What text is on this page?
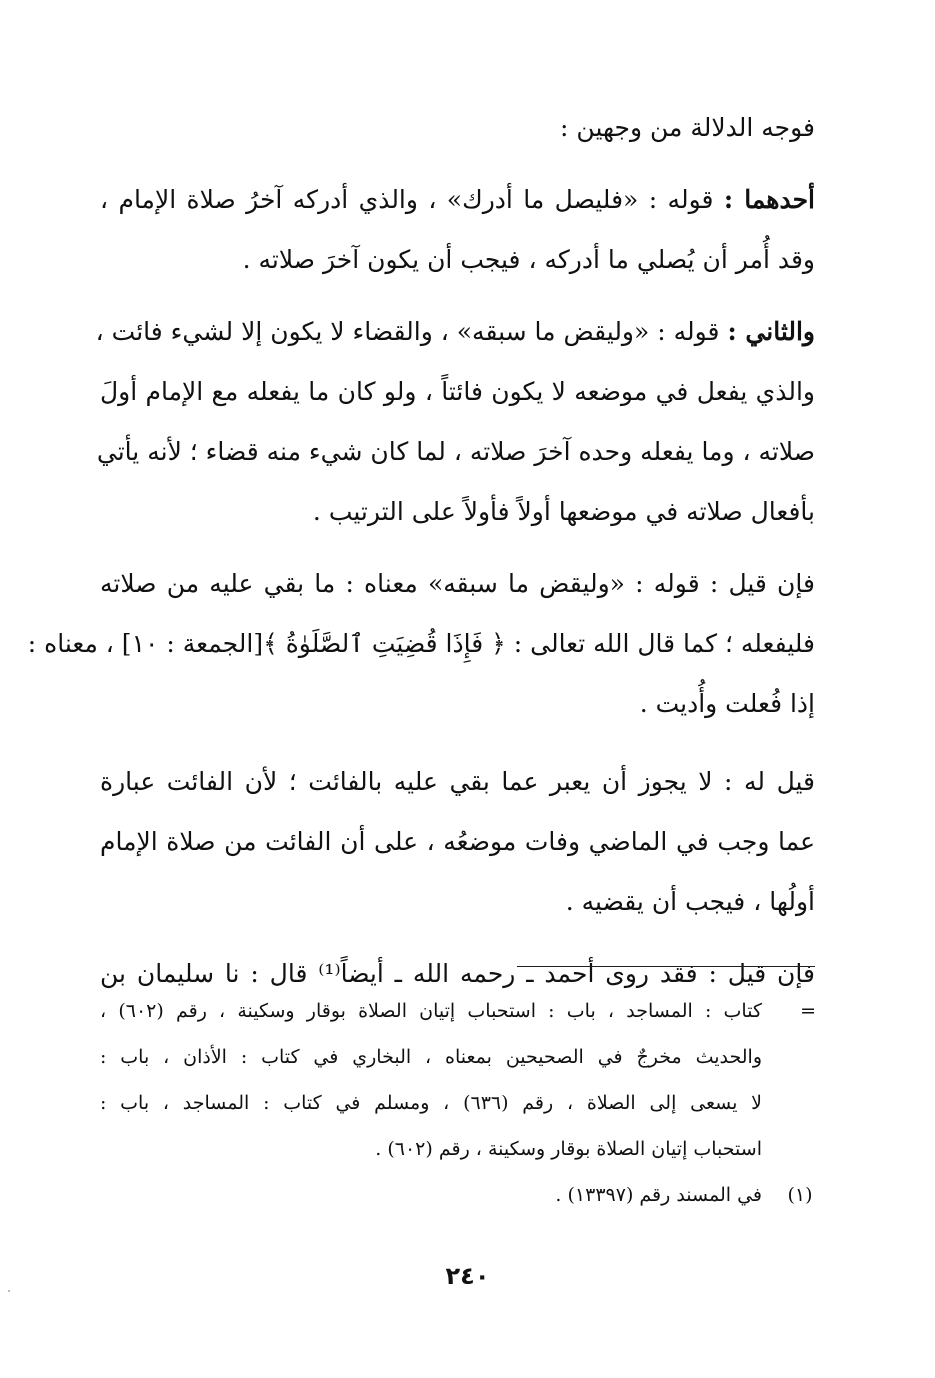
فوجه الدلالة من وجهين :
أحدهما : قوله : «فليصل ما أدرك» ، والذي أدركه آخرُ صلاة الإمام ،
وقد أُمر أن يُصلي ما أدركه ، فيجب أن يكون آخرَ صلاته .
والثاني : قوله : «وليقض ما سبقه» ، والقضاء لا يكون إلا لشيء فائت ،
والذي يفعل في موضعه لا يكون فائتاً ، ولو كان ما يفعله مع الإمام أولَ
صلاته ، وما يفعله وحده آخرَ صلاته ، لما كان شيء منه قضاء ؛ لأنه يأتي
بأفعال صلاته في موضعها أولاً فأولاً على الترتيب .
فإن قيل : قوله : «وليقض ما سبقه» معناه : ما بقي عليه من صلاته
فليفعله ؛ كما قال الله تعالى : ﴿ فَإِذَا قُضِيَتِ ٱلصَّلَوٰةُ ﴾[الجمعة : ١٠] ، معناه :
إذا فُعلت وأُديت .
قيل له : لا يجوز أن يعبر عما بقي عليه بالفائت ؛ لأن الفائت عبارة
عما وجب في الماضي وفات موضعُه ، على أن الفائت من صلاة الإمام
أولُها ، فيجب أن يقضيه .
فإن قيل : فقد روى أحمد ـ رحمه الله ـ أيضاً⁽¹⁾ قال : نا سليمان بن
=
كتاب : المساجد ، باب : استحباب إتيان الصلاة بوقار وسكينة ، رقم (٦٠٢) ،
والحديث مخرجٌ في الصحيحين بمعناه ، البخاري في كتاب : الأذان ، باب :
لا يسعى إلى الصلاة ، رقم (٦٣٦) ، ومسلم في كتاب : المساجد ، باب :
استحباب إتيان الصلاة بوقار وسكينة ، رقم (٦٠٢) .
(١)
في المسند رقم (١٣٣٩٧) .
٢٤٠
